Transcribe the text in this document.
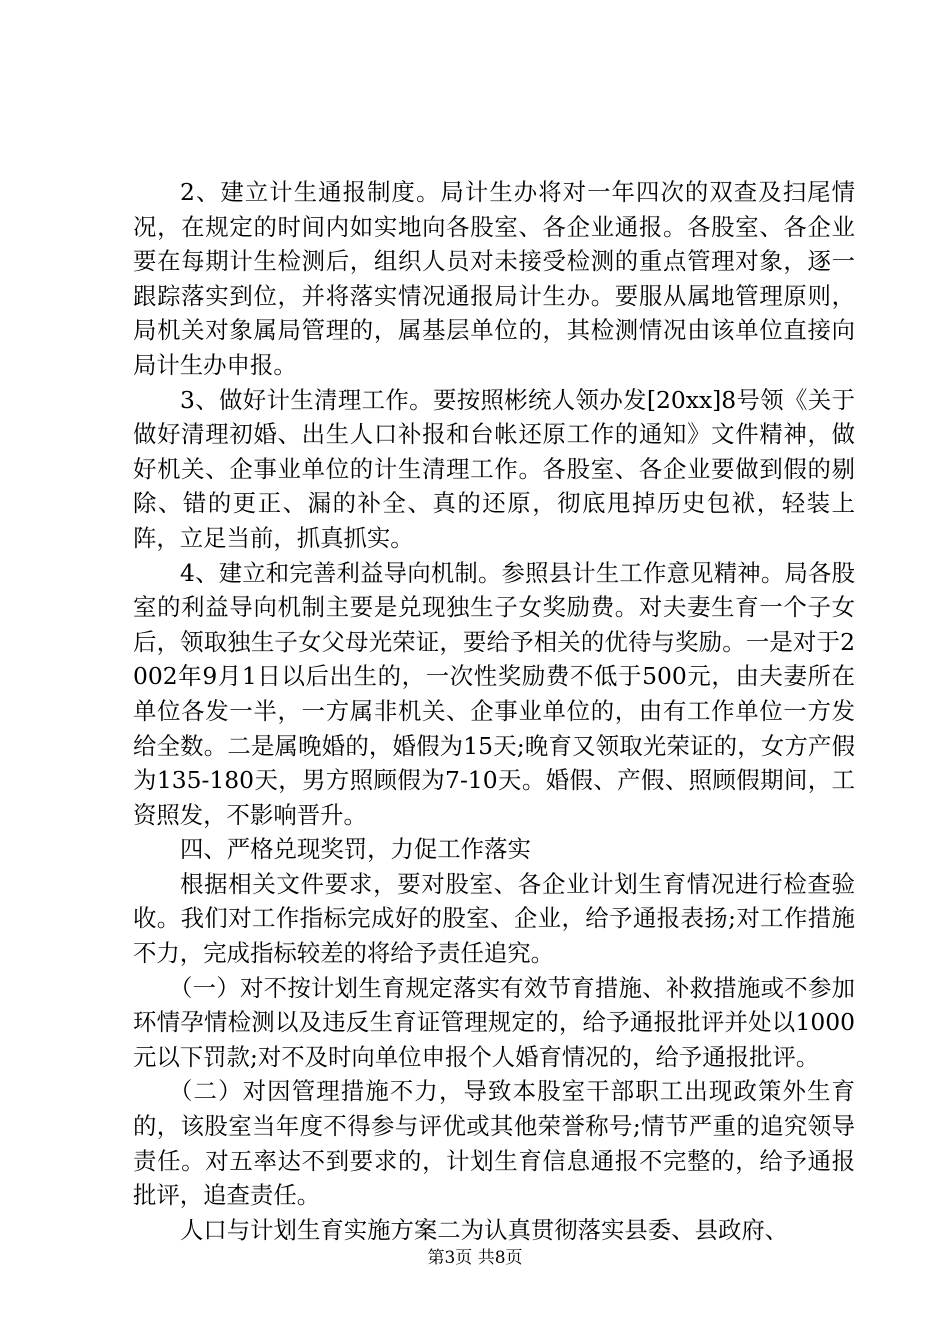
2、建立计生通报制度。局计生办将对一年四次的双查及扫尾情况，在规定的时间内如实地向各股室、各企业通报。各股室、各企业要在每期计生检测后，组织人员对未接受检测的重点管理对象，逐一跟踪落实到位，并将落实情况通报局计生办。要服从属地管理原则，局机关对象属局管理的，属基层单位的，其检测情况由该单位直接向局计生办申报。

3、做好计生清理工作。要按照彬统人领办发[20xx]8号领《关于做好清理初婚、出生人口补报和台帐还原工作的通知》文件精神，做好机关、企事业单位的计生清理工作。各股室、各企业要做到假的剔除、错的更正、漏的补全、真的还原，彻底甩掉历史包袱，轻装上阵，立足当前，抓真抓实。

4、建立和完善利益导向机制。参照县计生工作意见精神。局各股室的利益导向机制主要是兑现独生子女奖励费。对夫妻生育一个子女后，领取独生子女父母光荣证，要给予相关的优待与奖励。一是对于2002年9月1日以后出生的，一次性奖励费不低于500元，由夫妻所在单位各发一半，一方属非机关、企事业单位的，由有工作单位一方发给全数。二是属晚婚的，婚假为15天;晚育又领取光荣证的，女方产假为135-180天，男方照顾假为7-10天。婚假、产假、照顾假期间，工资照发，不影响晋升。

四、严格兑现奖罚，力促工作落实

根据相关文件要求，要对股室、各企业计划生育情况进行检查验收。我们对工作指标完成好的股室、企业，给予通报表扬;对工作措施不力，完成指标较差的将给予责任追究。

（一）对不按计划生育规定落实有效节育措施、补救措施或不参加环情孕情检测以及违反生育证管理规定的，给予通报批评并处以1000元以下罚款;对不及时向单位申报个人婚育情况的，给予通报批评。

（二）对因管理措施不力，导致本股室干部职工出现政策外生育的，该股室当年度不得参与评优或其他荣誉称号;情节严重的追究领导责任。对五率达不到要求的，计划生育信息通报不完整的，给予通报批评，追查责任。

人口与计划生育实施方案二为认真贯彻落实县委、县政府、

第3页 共8页
